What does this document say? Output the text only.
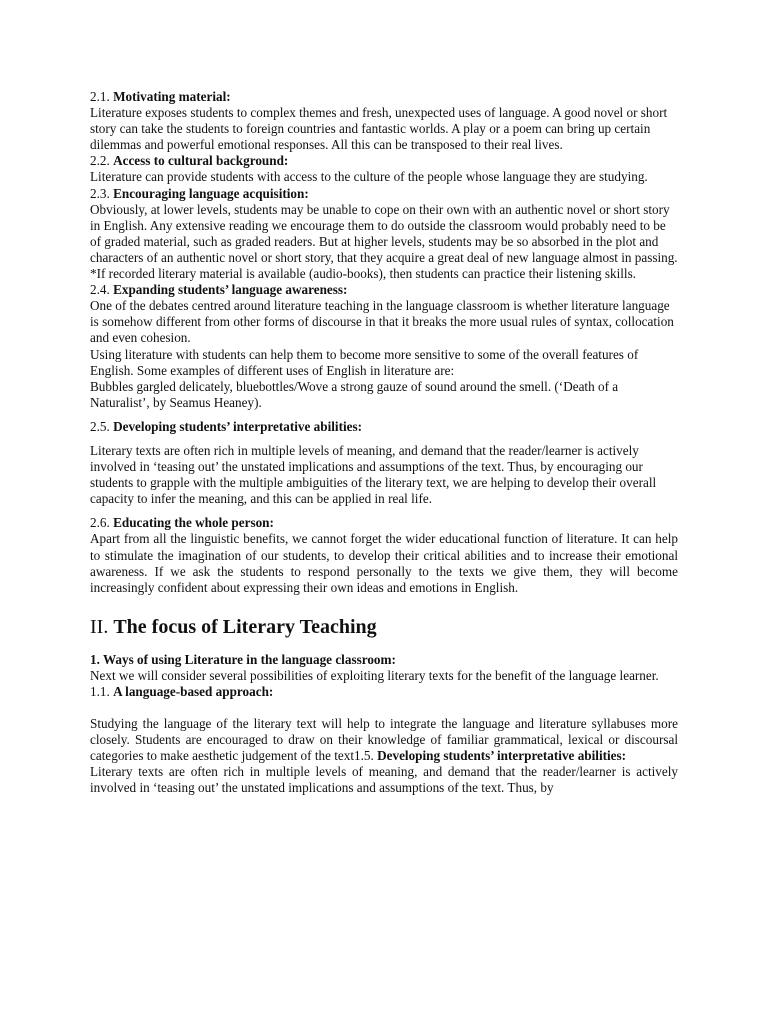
2.1. Motivating material:

Literature exposes students to complex themes and fresh, unexpected uses of language. A good novel or short story can take the students to foreign countries and fantastic worlds. A play or a poem can bring up certain dilemmas and powerful emotional responses. All this can be transposed to their real lives.

2.2. Access to cultural background:

Literature can provide students with access to the culture of the people whose language they are studying.

2.3. Encouraging language acquisition:

Obviously, at lower levels, students may be unable to cope on their own with an authentic novel or short story in English. Any extensive reading we encourage them to do outside the classroom would probably need to be of graded material, such as graded readers. But at higher levels, students may be so absorbed in the plot and characters of an authentic novel or short story, that they acquire a great deal of new language almost in passing.

*If recorded literary material is available (audio-books), then students can practice their listening skills.

2.4. Expanding students’ language awareness:

One of the debates centred around literature teaching in the language classroom is whether literature language is somehow different from other forms of discourse in that it breaks the more usual rules of syntax, collocation and even cohesion.

Using literature with students can help them to become more sensitive to some of the overall features of English. Some examples of different uses of English in literature are:

Bubbles gargled delicately, bluebottles/Wove a strong gauze of sound around the smell. (‘Death of a Naturalist’, by Seamus Heaney).

2.5. Developing students’ interpretative abilities:

Literary texts are often rich in multiple levels of meaning, and demand that the reader/learner is actively involved in ‘teasing out’ the unstated implications and assumptions of the text. Thus, by encouraging our students to grapple with the multiple ambiguities of the literary text, we are helping to develop their overall capacity to infer the meaning, and this can be applied in real life.

2.6. Educating the whole person:

Apart from all the linguistic benefits, we cannot forget the wider educational function of literature. It can help to stimulate the imagination of our students, to develop their critical abilities and to increase their emotional awareness. If we ask the students to respond personally to the texts we give them, they will become increasingly confident about expressing their own ideas and emotions in English.

II. The focus of Literary Teaching

1. Ways of using Literature in the language classroom:

Next we will consider several possibilities of exploiting literary texts for the benefit of the language learner.

1.1. A language-based approach:

Studying the language of the literary text will help to integrate the language and literature syllabuses more closely. Students are encouraged to draw on their knowledge of familiar grammatical, lexical or discoursal categories to make aesthetic judgement of the text1.5. Developing students’ interpretative abilities:

Literary texts are often rich in multiple levels of meaning, and demand that the reader/learner is actively involved in ‘teasing out’ the unstated implications and assumptions of the text. Thus, by
